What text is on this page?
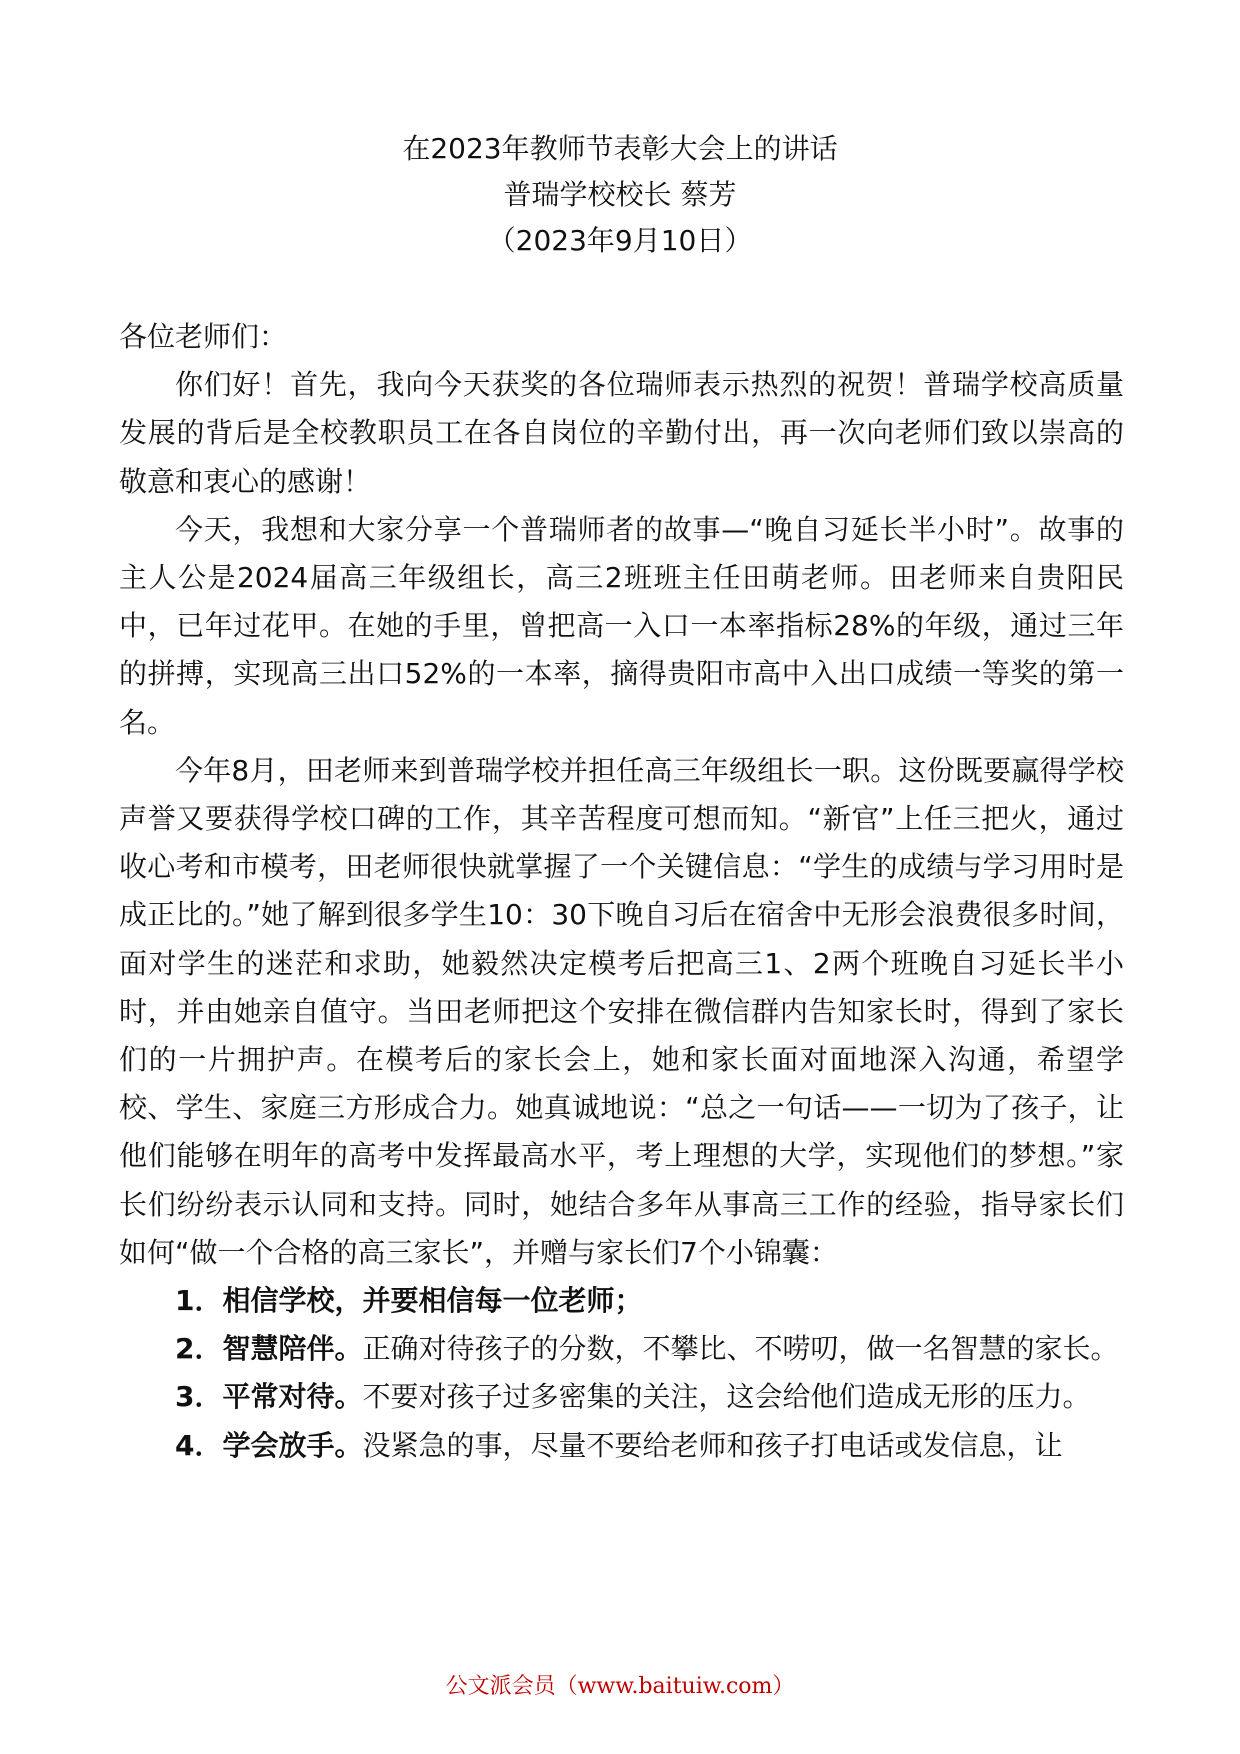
在2023年教师节表彰大会上的讲话
普瑞学校校长 蔡芳
（2023年9月10日）

各位老师们：

你们好！首先，我向今天获奖的各位瑞师表示热烈的祝贺！普瑞学校高质量发展的背后是全校教职员工在各自岗位的辛勤付出，再一次向老师们致以崇高的敬意和衷心的感谢！

今天，我想和大家分享一个普瑞师者的故事—“晚自习延长半小时”。故事的主人公是2024届高三年级组长，高三2班班主任田萌老师。田老师来自贵阳民中，已年过花甲。在她的手里，曾把高一入口一本率指标28%的年级，通过三年的拼搏，实现高三出口52%的一本率，摘得贵阳市高中入出口成绩一等奖的第一名。

今年8月，田老师来到普瑞学校并担任高三年级组长一职。这份既要赢得学校声誉又要获得学校口碑的工作，其辛苦程度可想而知。“新官”上任三把火，通过收心考和市模考，田老师很快就掌握了一个关键信息：“学生的成绩与学习用时是成正比的。”她了解到很多学生10：30下晚自习后在宿舍中无形会浪费很多时间，面对学生的迷茫和求助，她毅然决定模考后把高三1、2两个班晚自习延长半小时，并由她亲自值守。当田老师把这个安排在微信群内告知家长时，得到了家长们的一片拥护声。在模考后的家长会上，她和家长面对面地深入沟通，希望学校、学生、家庭三方形成合力。她真诚地说：“总之一句话——一切为了孩子，让他们能够在明年的高考中发挥最高水平，考上理想的大学，实现他们的梦想。”家长们纷纷表示认同和支持。同时，她结合多年从事高三工作的经验，指导家长们如何“做一个合格的高三家长”，并赠与家长们7个小锦囊：

1．相信学校，并要相信每一位老师；

2．智慧陪伴。正确对待孩子的分数，不攀比、不唠叨，做一名智慧的家长。

3．平常对待。不要对孩子过多密集的关注，这会给他们造成无形的压力。

4．学会放手。没紧急的事，尽量不要给老师和孩子打电话或发信息，让

公文派会员（www.baituiw.com）
